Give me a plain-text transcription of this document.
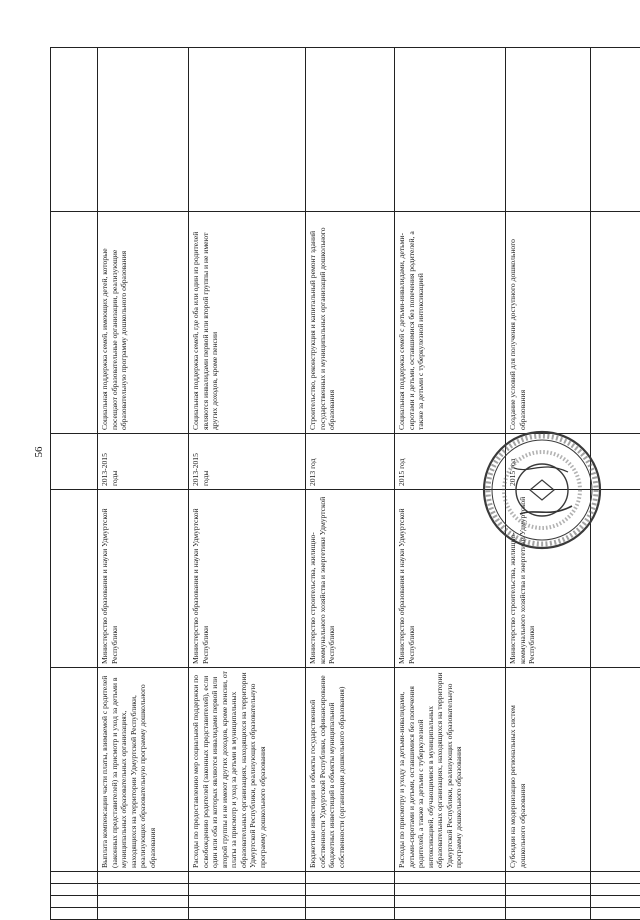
56

				Выплата компенсации части платы, взимаемой с родителей (законных представителей) за присмотр и уход за детьми в муниципальных образовательных организациях, находящихся на территории Удмуртской Республики, реализующих образовательную программу дошкольного образования	Министерство образования и науки Удмуртской Республики	2013-2015 годы	Социальная поддержка семей, имеющих детей, которые посещают образовательные организации, реализующие образовательную программу дошкольного образования	
				Расходы по предоставлению мер социальной поддержки по освобождению родителей (законных представителей), если один или оба из которых являются инвалидами первой или второй группы и не имеют других доходов, кроме пенсии, от платы за присмотр и уход за детьми в муниципальных образовательных организациях, находящихся на территории Удмуртской Республики, реализующих образовательную программу дошкольного образования	Министерство образования и науки Удмуртской Республики	2013-2015 годы	Социальная поддержка семей, где оба или один из родителей являются инвалидами первой или второй группы и не имеют других доходов, кроме пенсии	
				Бюджетные инвестиции в объекты государственной собственности Удмуртской Республики, софинансирование бюджетных инвестиций в объекты муниципальной собственности (организации дошкольного образования)	Министерство строительства, жилищно-коммунального хозяйства и энергетики Удмуртской Республики	2013 год	Строительство, реконструкция и капитальный ремонт зданий государственных и муниципальных организаций дошкольного образования	
				Расходы по присмотру и уходу за детьми-инвалидами, детьми-сиротами и детьми, оставшимися без попечения родителей, а также за детьми с туберкулезной интоксикацией, обучающимися в муниципальных образовательных организациях, находящихся на территории Удмуртской Республики, реализующих образовательную программу дошкольного образования	Министерство образования и науки Удмуртской Республики	2015 год	Социальная поддержка семей с детьми-инвалидами, детьми-сиротами и детьми, оставшимися без попечения родителей, а также за детьми с туберкулезной интоксикацией	
				Субсидии на модернизацию региональных систем дошкольного образования	Министерство строительства, жилищно-коммунального хозяйства и энергетики Удмуртской Республики	2015 год	Создание условий для получения доступного дошкольного образования	
